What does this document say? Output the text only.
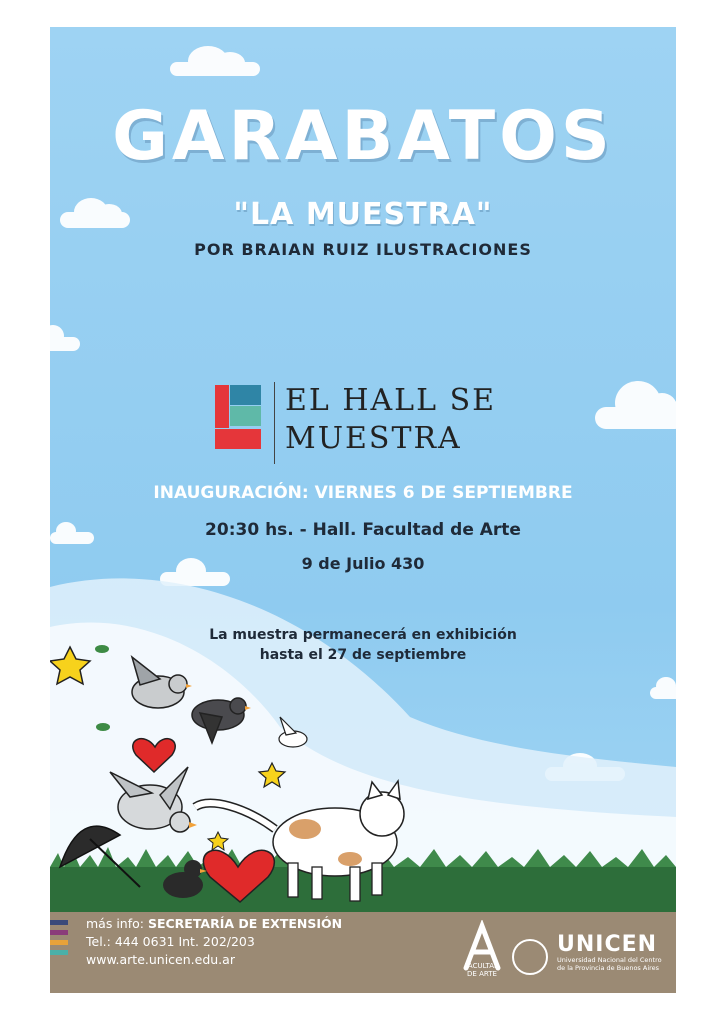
GARABATOS
"LA MUESTRA"
POR BRAIAN RUIZ ILUSTRACIONES
EL HALL SE
MUESTRA
INAUGURACIÓN: VIERNES 6 DE SEPTIEMBRE
20:30 hs. - Hall. Facultad de Arte
9 de Julio 430
La muestra permanecerá en exhibición
hasta el 27 de septiembre
más info: SECRETARÍA DE EXTENSIÓN
Tel.: 444 0631 Int. 202/203
www.arte.unicen.edu.ar	FACULTAD
DE ARTE
UNICEN
Universidad Nacional del Centro
de la Provincia de Buenos Aires
